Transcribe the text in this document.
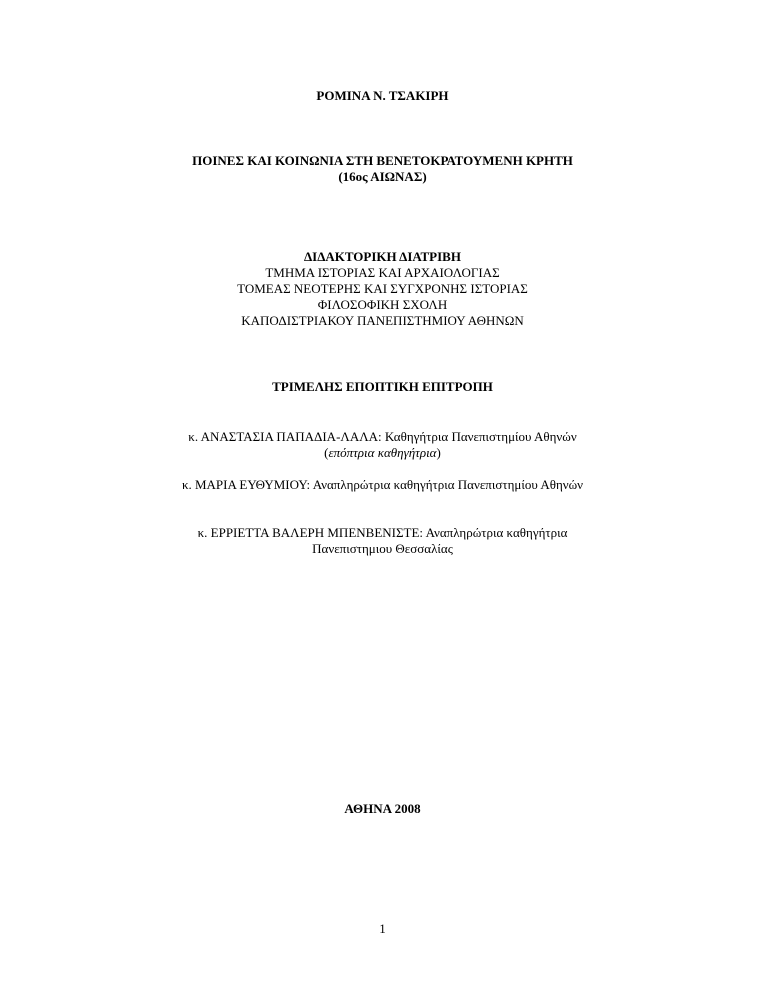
ΡΟΜΙΝΑ Ν. ΤΣΑΚΙΡΗ
ΠΟΙΝΕΣ ΚΑΙ ΚΟΙΝΩΝΙΑ ΣΤΗ ΒΕΝΕΤΟΚΡΑΤΟΥΜΕΝΗ ΚΡΗΤΗ
(16ος ΑΙΩΝΑΣ)
ΔΙΔΑΚΤΟΡΙΚΗ ΔΙΑΤΡΙΒΗ
ΤΜΗΜΑ ΙΣΤΟΡΙΑΣ ΚΑΙ ΑΡΧΑΙΟΛΟΓΙΑΣ
ΤΟΜΕΑΣ ΝΕΟΤΕΡΗΣ ΚΑΙ ΣΥΓΧΡΟΝΗΣ ΙΣΤΟΡΙΑΣ
ΦΙΛΟΣΟΦΙΚΗ ΣΧΟΛΗ
ΚΑΠΟΔΙΣΤΡΙΑΚΟΥ ΠΑΝΕΠΙΣΤΗΜΙΟΥ ΑΘΗΝΩΝ
ΤΡΙΜΕΛΗΣ ΕΠΟΠΤΙΚΗ ΕΠΙΤΡΟΠΗ
κ. ΑΝΑΣΤΑΣΙΑ ΠΑΠΑΔΙΑ-ΛΑΛΑ: Καθηγήτρια Πανεπιστημίου Αθηνών
(επόπτρια καθηγήτρια)
κ. ΜΑΡΙΑ ΕΥΘΥΜΙΟΥ: Αναπληρώτρια καθηγήτρια Πανεπιστημίου Αθηνών
κ. ΕΡΡΙΕΤΤΑ ΒΑΛΕΡΗ ΜΠΕΝΒΕΝΙΣΤΕ: Αναπληρώτρια καθηγήτρια
Πανεπιστημιου Θεσσαλίας
ΑΘΗΝΑ 2008
1
